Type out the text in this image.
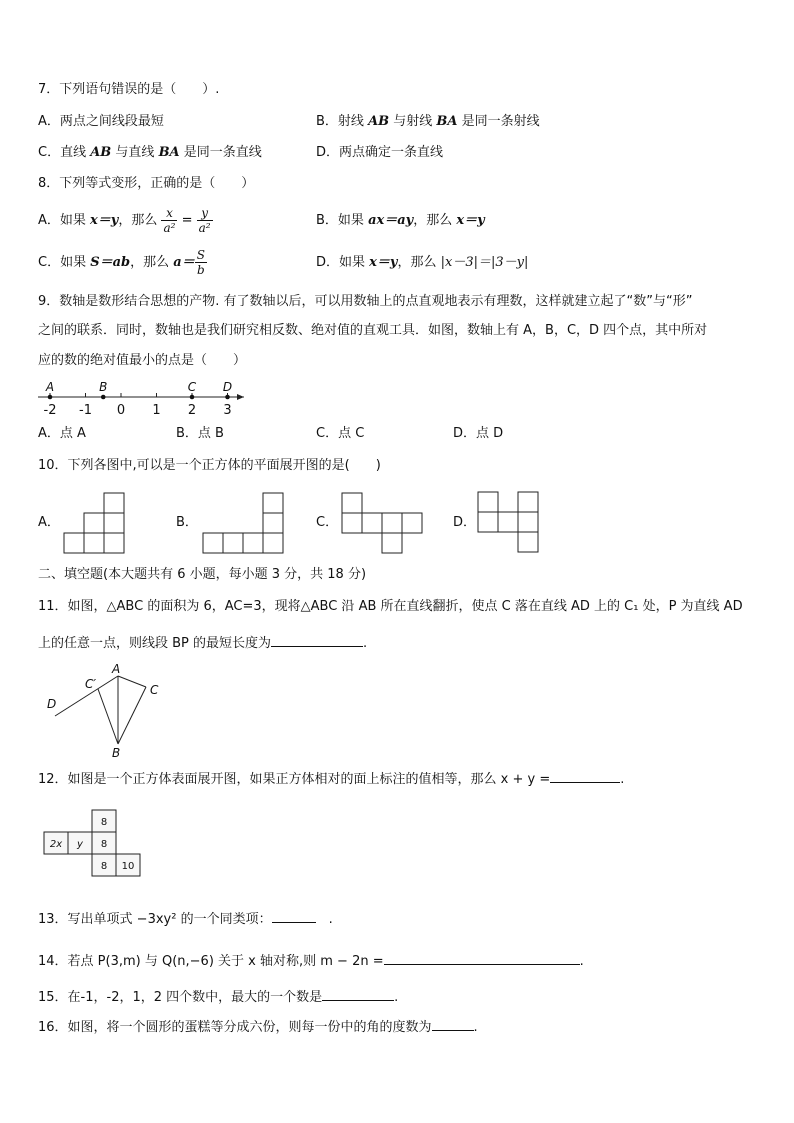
7．下列语句错误的是（　　）.
A．两点之间线段最短	B．射线 AB 与射线 BA 是同一条射线
C．直线 AB 与直线 BA 是同一条直线	D．两点确定一条直线
8．下列等式变形，正确的是（　　）
A．如果 x＝y，那么 $\frac{x}{\text{a²}} = \frac{y}{\text{a²}}$	B．如果 ax＝ay，那么 x＝y
C．如果 S＝ab，那么 $a= \frac{S}{b}$	D．如果 x＝y，那么 |x－3|＝|3－y|
9．数轴是数形结合思想的产物. 有了数轴以后，可以用数轴上的点直观地表示有理数，这样就建立起了“数”与“形”
之间的联系．同时，数轴也是我们研究相反数、绝对值的直观工具．如图，数轴上有 A，B，C，D 四个点，其中所对
应的数的绝对值最小的点是（　　）
-2 -1 0 1 2 3
A	B	C D
A．点 A	B．点 B	C．点 C	D．点 D
10．下列各图中,可以是一个正方体的平面展开图的是(　　)
A．	B．	C．	D．
二、填空题(本大题共有 6 小题，每小题 3 分，共 18 分)
11．如图，△ABC 的面积为 6，AC=3，现将△ABC 沿 AB 所在直线翻折，使点 C 落在直线 AD 上的 C₁ 处，P 为直线 AD
上的任意一点，则线段 BP 的最短长度为	.
A
B
C
C′
D
12．如图是一个正方体表面展开图，如果正方体相对的面上标注的值相等，那么 x + y =	.
8
2x y 8
8 10
13．写出单项式 −3xy² 的一个同类项：　	.
14．若点 P(3,m) 与 Q(n,−6) 关于 x 轴对称,则 m − 2n =	.
15．在-1，-2，1，2 四个数中，最大的一个数是	.
16．如图，将一个圆形的蛋糕等分成六份，则每一份中的角的度数为	.
